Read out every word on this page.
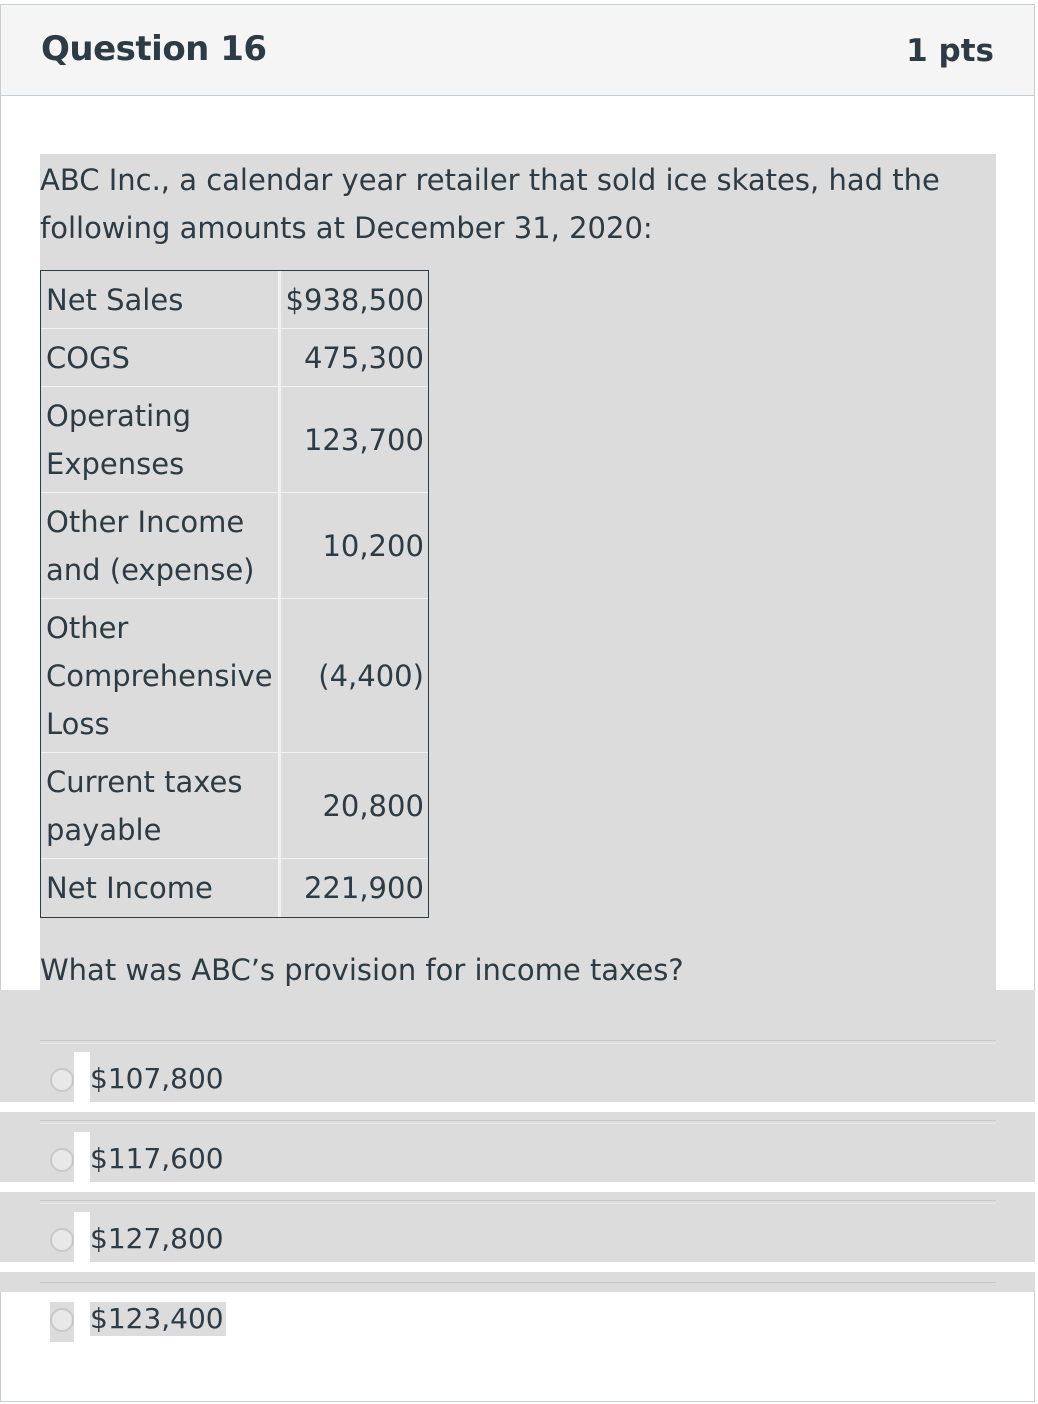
Question 16	1 pts
ABC Inc., a calendar year retailer that sold ice skates, had the following amounts at December 31, 2020:
Net Sales	$938,500
COGS	475,300
Operating Expenses	123,700
Other Income and (expense)	10,200
Other Comprehensive Loss	(4,400)
Current taxes payable	20,800
Net Income	221,900
What was ABC’s provision for income taxes?
$107,800
$117,600
$127,800
$123,400
